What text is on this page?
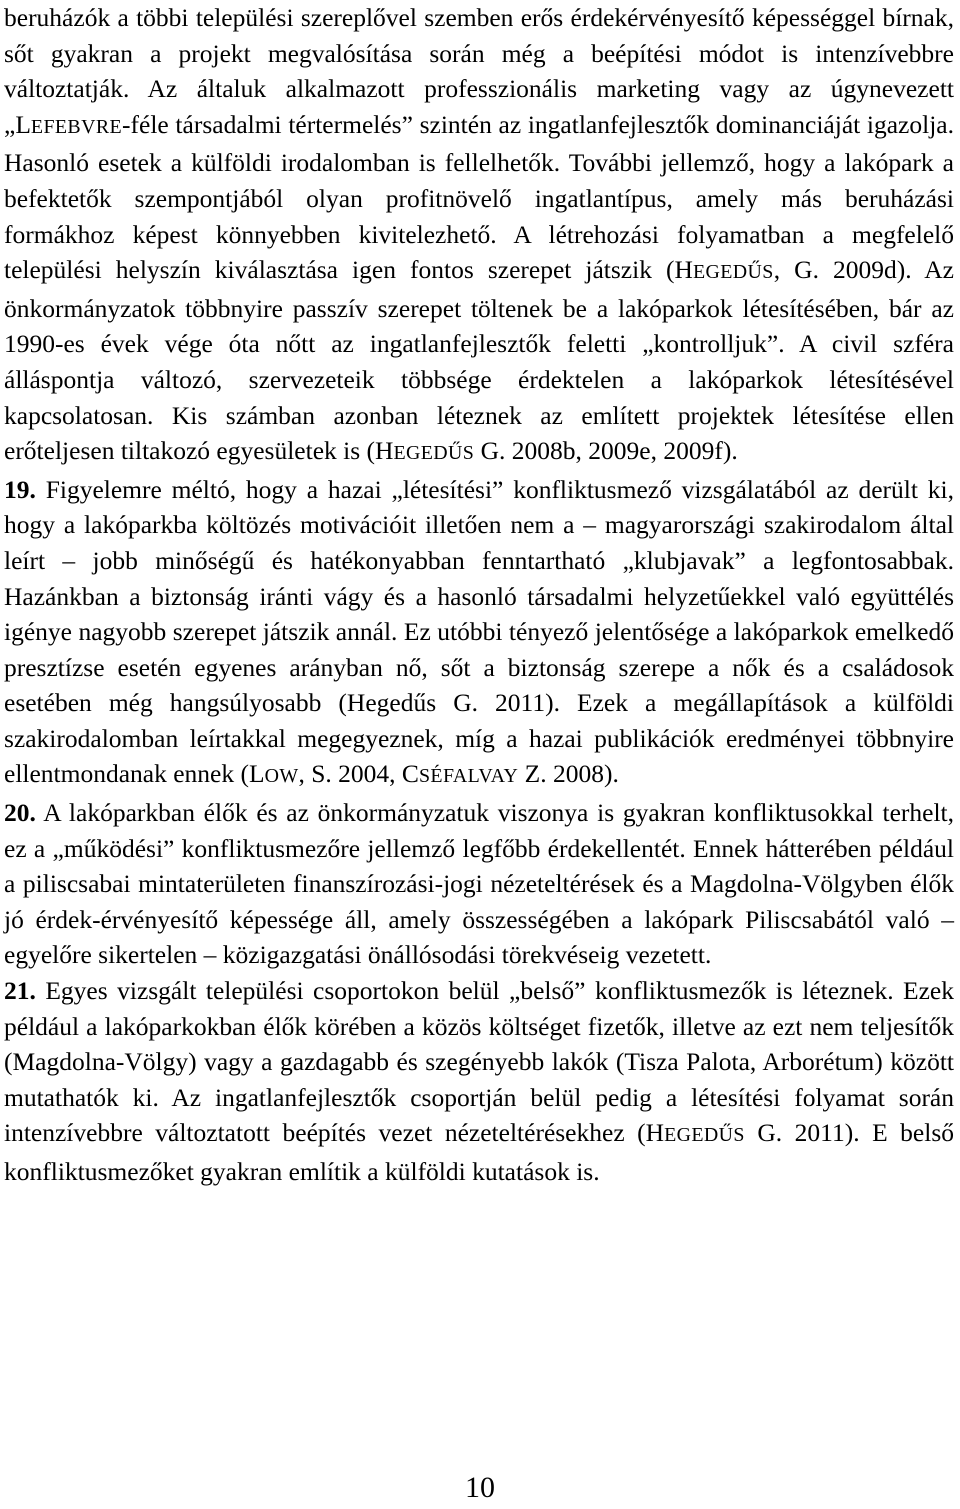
beruházók a többi települési szereplővel szemben erős érdekérvényesítő képességgel bírnak, sőt gyakran a projekt megvalósítása során még a beépítési módot is intenzívebbre változtatják. Az általuk alkalmazott professzionális marketing vagy az úgynevezett „LEFEBVRE-féle társadalmi tértermelés” szintén az ingatlanfejlesztők dominanciáját igazolja. Hasonló esetek a külföldi irodalomban is fellelhetők. További jellemző, hogy a lakópark a befektetők szempontjából olyan profitnövelő ingatlantípus, amely más beruházási formákhoz képest könnyebben kivitelezhető. A létrehozási folyamatban a megfelelő települési helyszín kiválasztása igen fontos szerepet játszik (HEGEDŰS, G. 2009d). Az önkormányzatok többnyire passzív szerepet töltenek be a lakóparkok létesítésében, bár az 1990-es évek vége óta nőtt az ingatlanfejlesztők feletti „kontrolljuk”. A civil szféra álláspontja változó, szervezeteik többsége érdektelen a lakóparkok létesítésével kapcsolatosan. Kis számban azonban léteznek az említett projektek létesítése ellen erőteljesen tiltakozó egyesületek is (HEGEDŰS G. 2008b, 2009e, 2009f).

19. Figyelemre méltó, hogy a hazai „létesítési” konfliktusmező vizsgálatából az derült ki, hogy a lakóparkba költözés motivációit illetően nem a – magyarországi szakirodalom által leírt – jobb minőségű és hatékonyabban fenntartható „klubjavak” a legfontosabbak. Hazánkban a biztonság iránti vágy és a hasonló társadalmi helyzetűekkel való együttélés igénye nagyobb szerepet játszik annál. Ez utóbbi tényező jelentősége a lakóparkok emelkedő presztízse esetén egyenes arányban nő, sőt a biztonság szerepe a nők és a családosok esetében még hangsúlyosabb (Hegedűs G. 2011). Ezek a megállapítások a külföldi szakirodalomban leírtakkal megegyeznek, míg a hazai publikációk eredményei többnyire ellentmondanak ennek (LOW, S. 2004, CSÉFALVAY Z. 2008).

20. A lakóparkban élők és az önkormányzatuk viszonya is gyakran konfliktusokkal terhelt, ez a „működési” konfliktusmezőre jellemző legfőbb érdekellentét. Ennek hátterében például a piliscsabai mintaterületen finanszírozási-jogi nézeteltérések és a Magdolna-Völgyben élők jó érdek-érvényesítő képessége áll, amely összességében a lakópark Piliscsabától való – egyelőre sikertelen – közigazgatási önállósodási törekvéseig vezetett.

21. Egyes vizsgált települési csoportokon belül „belső” konfliktusmezők is léteznek. Ezek például a lakóparkokban élők körében a közös költséget fizetők, illetve az ezt nem teljesítők (Magdolna-Völgy) vagy a gazdagabb és szegényebb lakók (Tisza Palota, Arborétum) között mutathatók ki. Az ingatlanfejlesztők csoportján belül pedig a létesítési folyamat során intenzívebbre változtatott beépítés vezet nézeteltérésekhez (HEGEDŰS G. 2011). E belső konfliktusmezőket gyakran említik a külföldi kutatások is.

10
